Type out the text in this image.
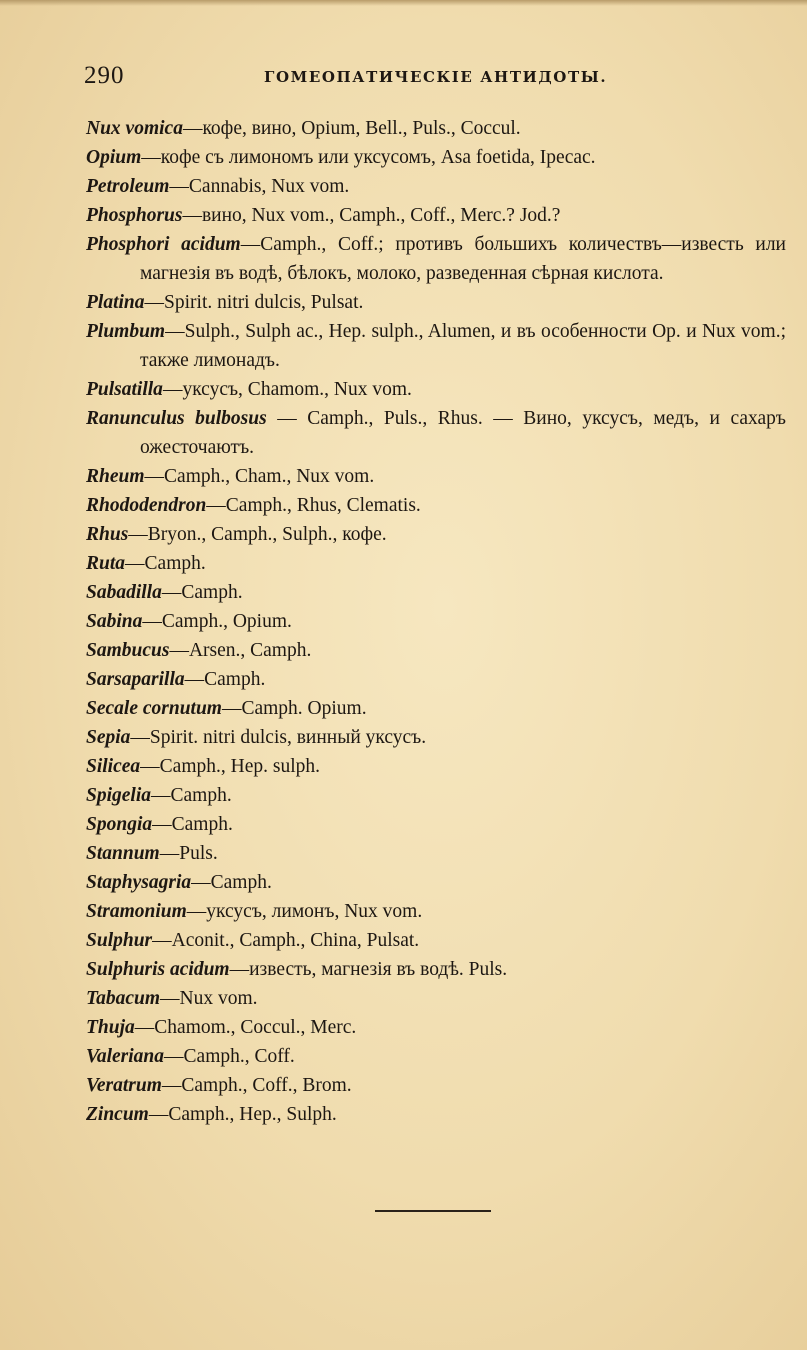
290	ГОМЕОПАТИЧЕСКІЕ АНТИДОТЫ.
Nux vomica—кофе, вино, Opium, Bell., Puls., Coccul.
Opium—кофе съ лимономъ или уксусомъ, Asa foetida, Ipecac.
Petroleum—Cannabis, Nux vom.
Phosphorus—вино, Nux vom., Camph., Coff., Merc.? Jod.?
Phosphori acidum—Camph., Coff.; противъ большихъ количествъ—известь или магнезія въ водѣ, бѣлокъ, молоко, разведенная сѣрная кислота.
Platina—Spirit. nitri dulcis, Pulsat.
Plumbum—Sulph., Sulph ac., Hep. sulph., Alumen, и въ особенности Op. и Nux vom.; также лимонадъ.
Pulsatilla—уксусъ, Chamom., Nux vom.
Ranunculus bulbosus — Camph., Puls., Rhus. — Вино, уксусъ, медъ, и сахаръ ожесточаютъ.
Rheum—Camph., Cham., Nux vom.
Rhododendron—Camph., Rhus, Clematis.
Rhus—Bryon., Camph., Sulph., кофе.
Ruta—Camph.
Sabadilla—Camph.
Sabina—Camph., Opium.
Sambucus—Arsen., Camph.
Sarsaparilla—Camph.
Secale cornutum—Camph. Opium.
Sepia—Spirit. nitri dulcis, винный уксусъ.
Silicea—Camph., Hep. sulph.
Spigelia—Camph.
Spongia—Camph.
Stannum—Puls.
Staphysagria—Camph.
Stramonium—уксусъ, лимонъ, Nux vom.
Sulphur—Aconit., Camph., China, Pulsat.
Sulphuris acidum—известь, магнезія въ водѣ. Puls.
Tabacum—Nux vom.
Thuja—Chamom., Coccul., Merc.
Valeriana—Camph., Coff.
Veratrum—Camph., Coff., Brom.
Zincum—Camph., Hep., Sulph.
